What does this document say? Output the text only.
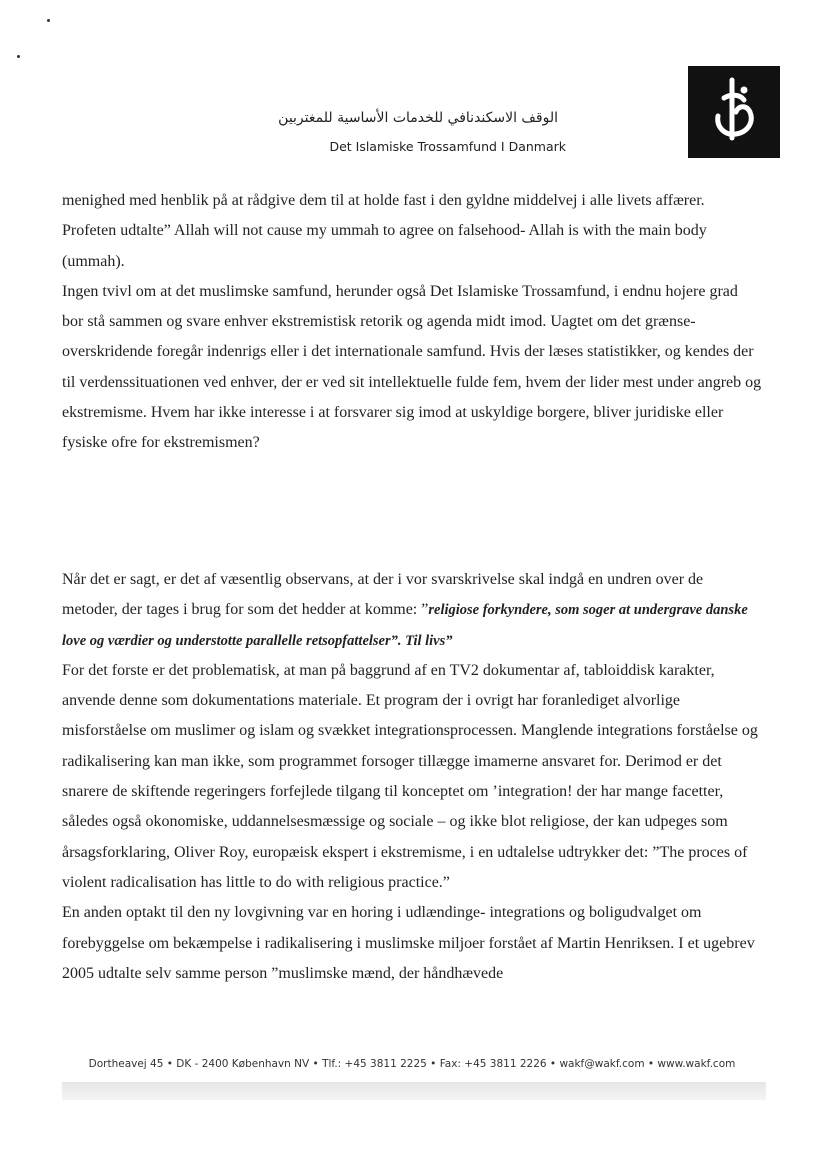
الوقف الاسكندنافي للخدمات الأساسية للمغتربين
Det Islamiske Trossamfund I Danmark

menighed med henblik på at rådgive dem til at holde fast i den gyldne middelvej i alle livets affærer. Profeten udtalte” Allah will not cause my ummah to agree on falsehood- Allah is with the main body (ummah).

Ingen tvivl om at det muslimske samfund, herunder også Det Islamiske Trossamfund, i endnu hojere grad bor stå sammen og svare enhver ekstremistisk retorik og agenda midt imod. Uagtet om det grænse- overskridende foregår indenrigs eller i det internationale samfund. Hvis der læses statistikker, og kendes der til verdenssituationen ved enhver, der er ved sit intellektuelle fulde fem, hvem der lider mest under angreb og ekstremisme. Hvem har ikke interesse i at forsvarer sig imod at uskyldige borgere, bliver juridiske eller fysiske ofre for ekstremismen?

Når det er sagt, er det af væsentlig observans, at der i vor svarskrivelse skal indgå en undren over de metoder, der tages i brug for som det hedder at komme: ”religiose forkyndere, som soger at undergrave danske love og værdier og understotte parallelle retsopfattelser”. Til livs”

For det forste er det problematisk, at man på baggrund af en TV2 dokumentar af, tabloiddisk karakter, anvende denne som dokumentations materiale. Et program der i ovrigt har foranlediget alvorlige misforståelse om muslimer og islam og svækket integrationsprocessen. Manglende integrations forståelse og radikalisering kan man ikke, som programmet forsoger tillægge imamerne ansvaret for. Derimod er det snarere de skiftende regeringers forfejlede tilgang til konceptet om ’integration! der har mange facetter, således også okonomiske, uddannelsesmæssige og sociale – og ikke blot religiose, der kan udpeges som årsagsforklaring, Oliver Roy, europæisk ekspert i ekstremisme, i en udtalelse udtrykker det: ”The proces of violent radicalisation has little to do with religious practice.”

En anden optakt til den ny lovgivning var en horing i udlændinge- integrations og boligudvalget om forebyggelse om bekæmpelse i radikalisering i muslimske miljoer forstået af Martin Henriksen. I et ugebrev 2005 udtalte selv samme person ”muslimske mænd, der håndhævede

Dortheavej 45 • DK - 2400 København NV • Tlf.: +45 3811 2225 • Fax: +45 3811 2226 • wakf@wakf.com • www.wakf.com
